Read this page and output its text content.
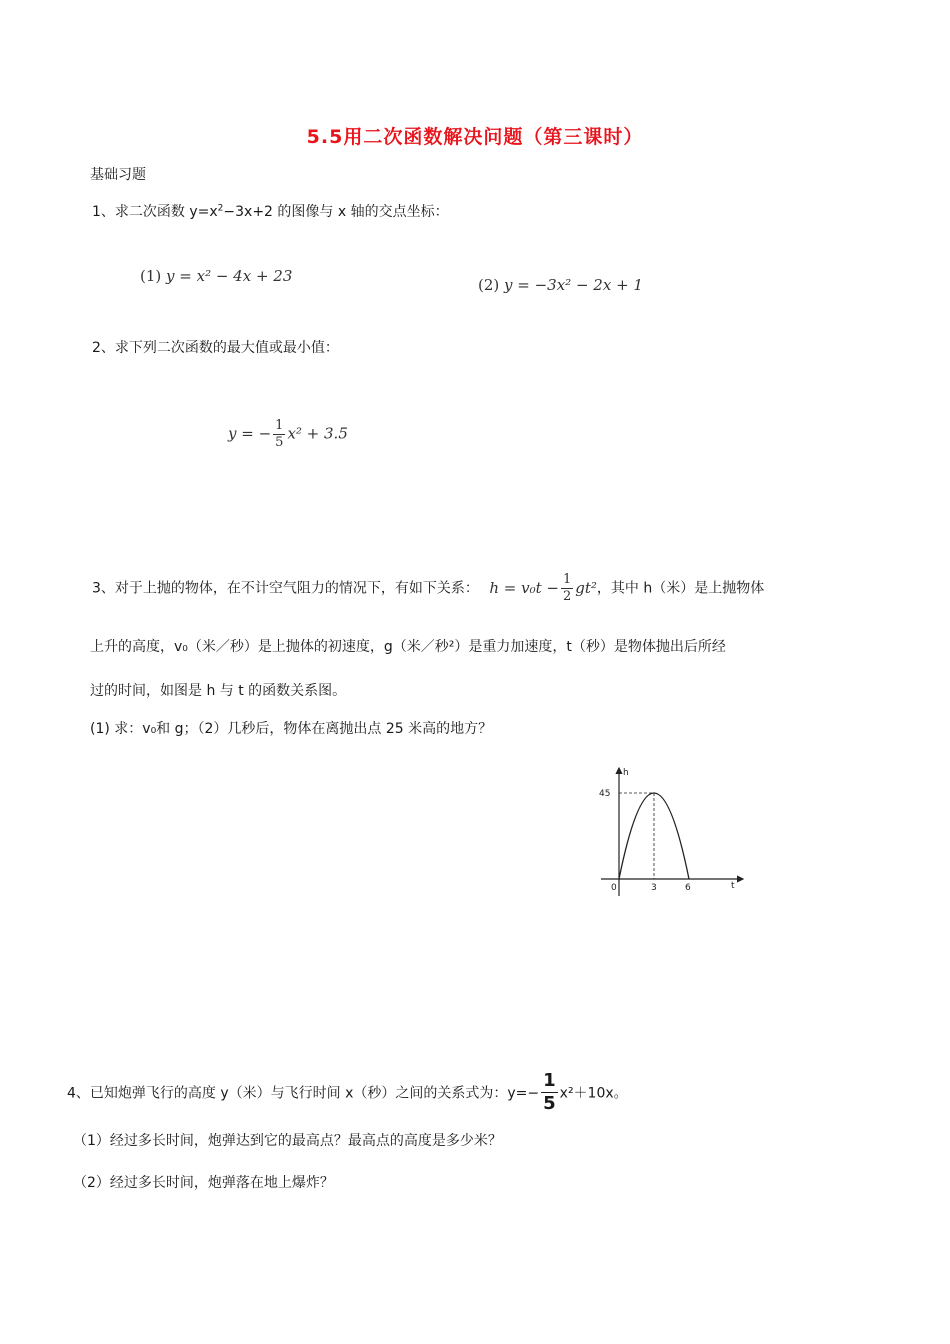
5.5用二次函数解决问题（第三课时）
基础习题
1、求二次函数 $y=x^2-3x+2$ 的图像与 x 轴的交点坐标：
(1) y = x² − 4x + 23	(2) y = −3x² − 2x + 1
2、求下列二次函数的最大值或最小值：
y = − $\frac{1}{5} x^2 + 3.5$
3、对于上抛的物体，在不计空气阻力的情况下，有如下关系： $h = v_0t - \frac{1}{2} gt^2$，其中 h（米）是上抛物体
上升的高度，v₀（米／秒）是上抛体的初速度，g（米／秒²）是重力加速度，t（秒）是物体抛出后所经
过的时间，如图是 h 与 t 的函数关系图。
(1) 求：v₀和 g；（2）几秒后，物体在离抛出点 25 米高的地方？
h
t
0
45
3	6
4、已知炮弹飞行的高度 y（米）与飞行时间 x（秒）之间的关系式为：$y=- \frac{1}{5} x^2+10x$。
（1）经过多长时间，炮弹达到它的最高点？最高点的高度是多少米？
（2）经过多长时间，炮弹落在地上爆炸？
